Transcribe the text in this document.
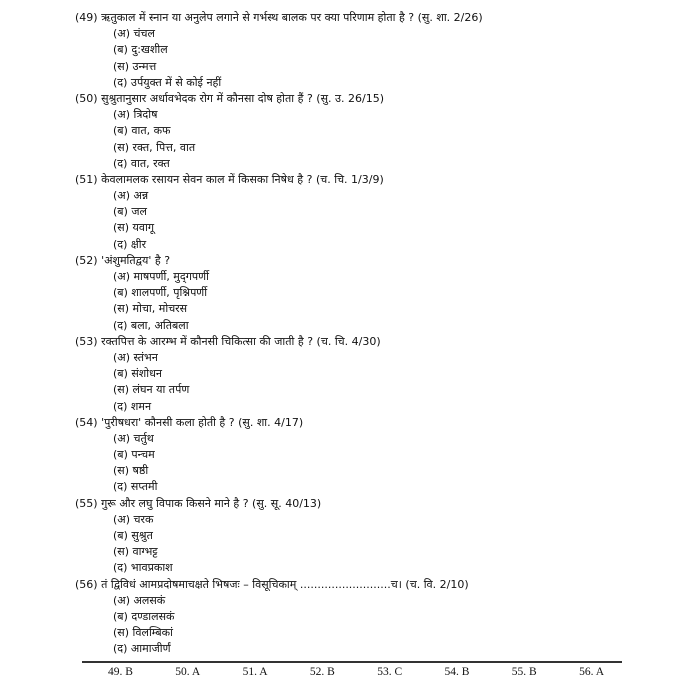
(49) ऋतुकाल में स्नान या अनुलेप लगाने से गर्भस्थ बालक पर क्या परिणाम होता है ? (सु. शा. 2/26)
(अ) चंचल
(ब) दु:खशील
(स) उन्मत्त
(द) उर्पयुक्त में से कोई नहीं
(50) सुश्रुतानुसार अर्धावभेदक रोग में कौनसा दोष होता हैं ? (सु. उ. 26/15)
(अ) त्रिदोष
(ब) वात, कफ
(स) रक्त, पित्त, वात
(द) वात, रक्त
(51) केवलामलक रसायन सेवन काल में किसका निषेध है ? (च. चि. 1/3/9)
(अ) अन्न
(ब) जल
(स) यवागू
(द) क्षीर
(52) 'अंशुमतिद्वय' है ?
(अ) माषपर्णी, मुद्‌गपर्णी
(ब) शालपर्णी, पृश्निपर्णी
(स) मोचा, मोचरस
(द) बला, अतिबला
(53) रक्तपित्त के आरम्भ में कौनसी चिकित्सा की जाती है ? (च. चि. 4/30)
(अ) स्तंभन
(ब) संशोधन
(स) लंघन या तर्पण
(द) शमन
(54) 'पुरीषधरा' कौनसी कला होती है ? (सु. शा. 4/17)
(अ) चर्तुथ
(ब) पन्चम
(स) षष्ठी
(द) सप्तमी
(55) गुरू और लघु विपाक किसने माने है ? (सु. सू. 40/13)
(अ) चरक
(ब) सुश्रुत
(स) वाग्भट्ट
(द) भावप्रकाश
(56) तं द्विविधं आमप्रदोषमाचक्षते भिषजः – विसूचिकाम् ..........................च। (च. वि. 2/10)
(अ) अलसकं
(ब) दण्डालसकं
(स) विलम्बिकां
(द) आमाजीर्णं
49. B	50. A	51. A	52. B	53. C	54. B	55. B	56. A
